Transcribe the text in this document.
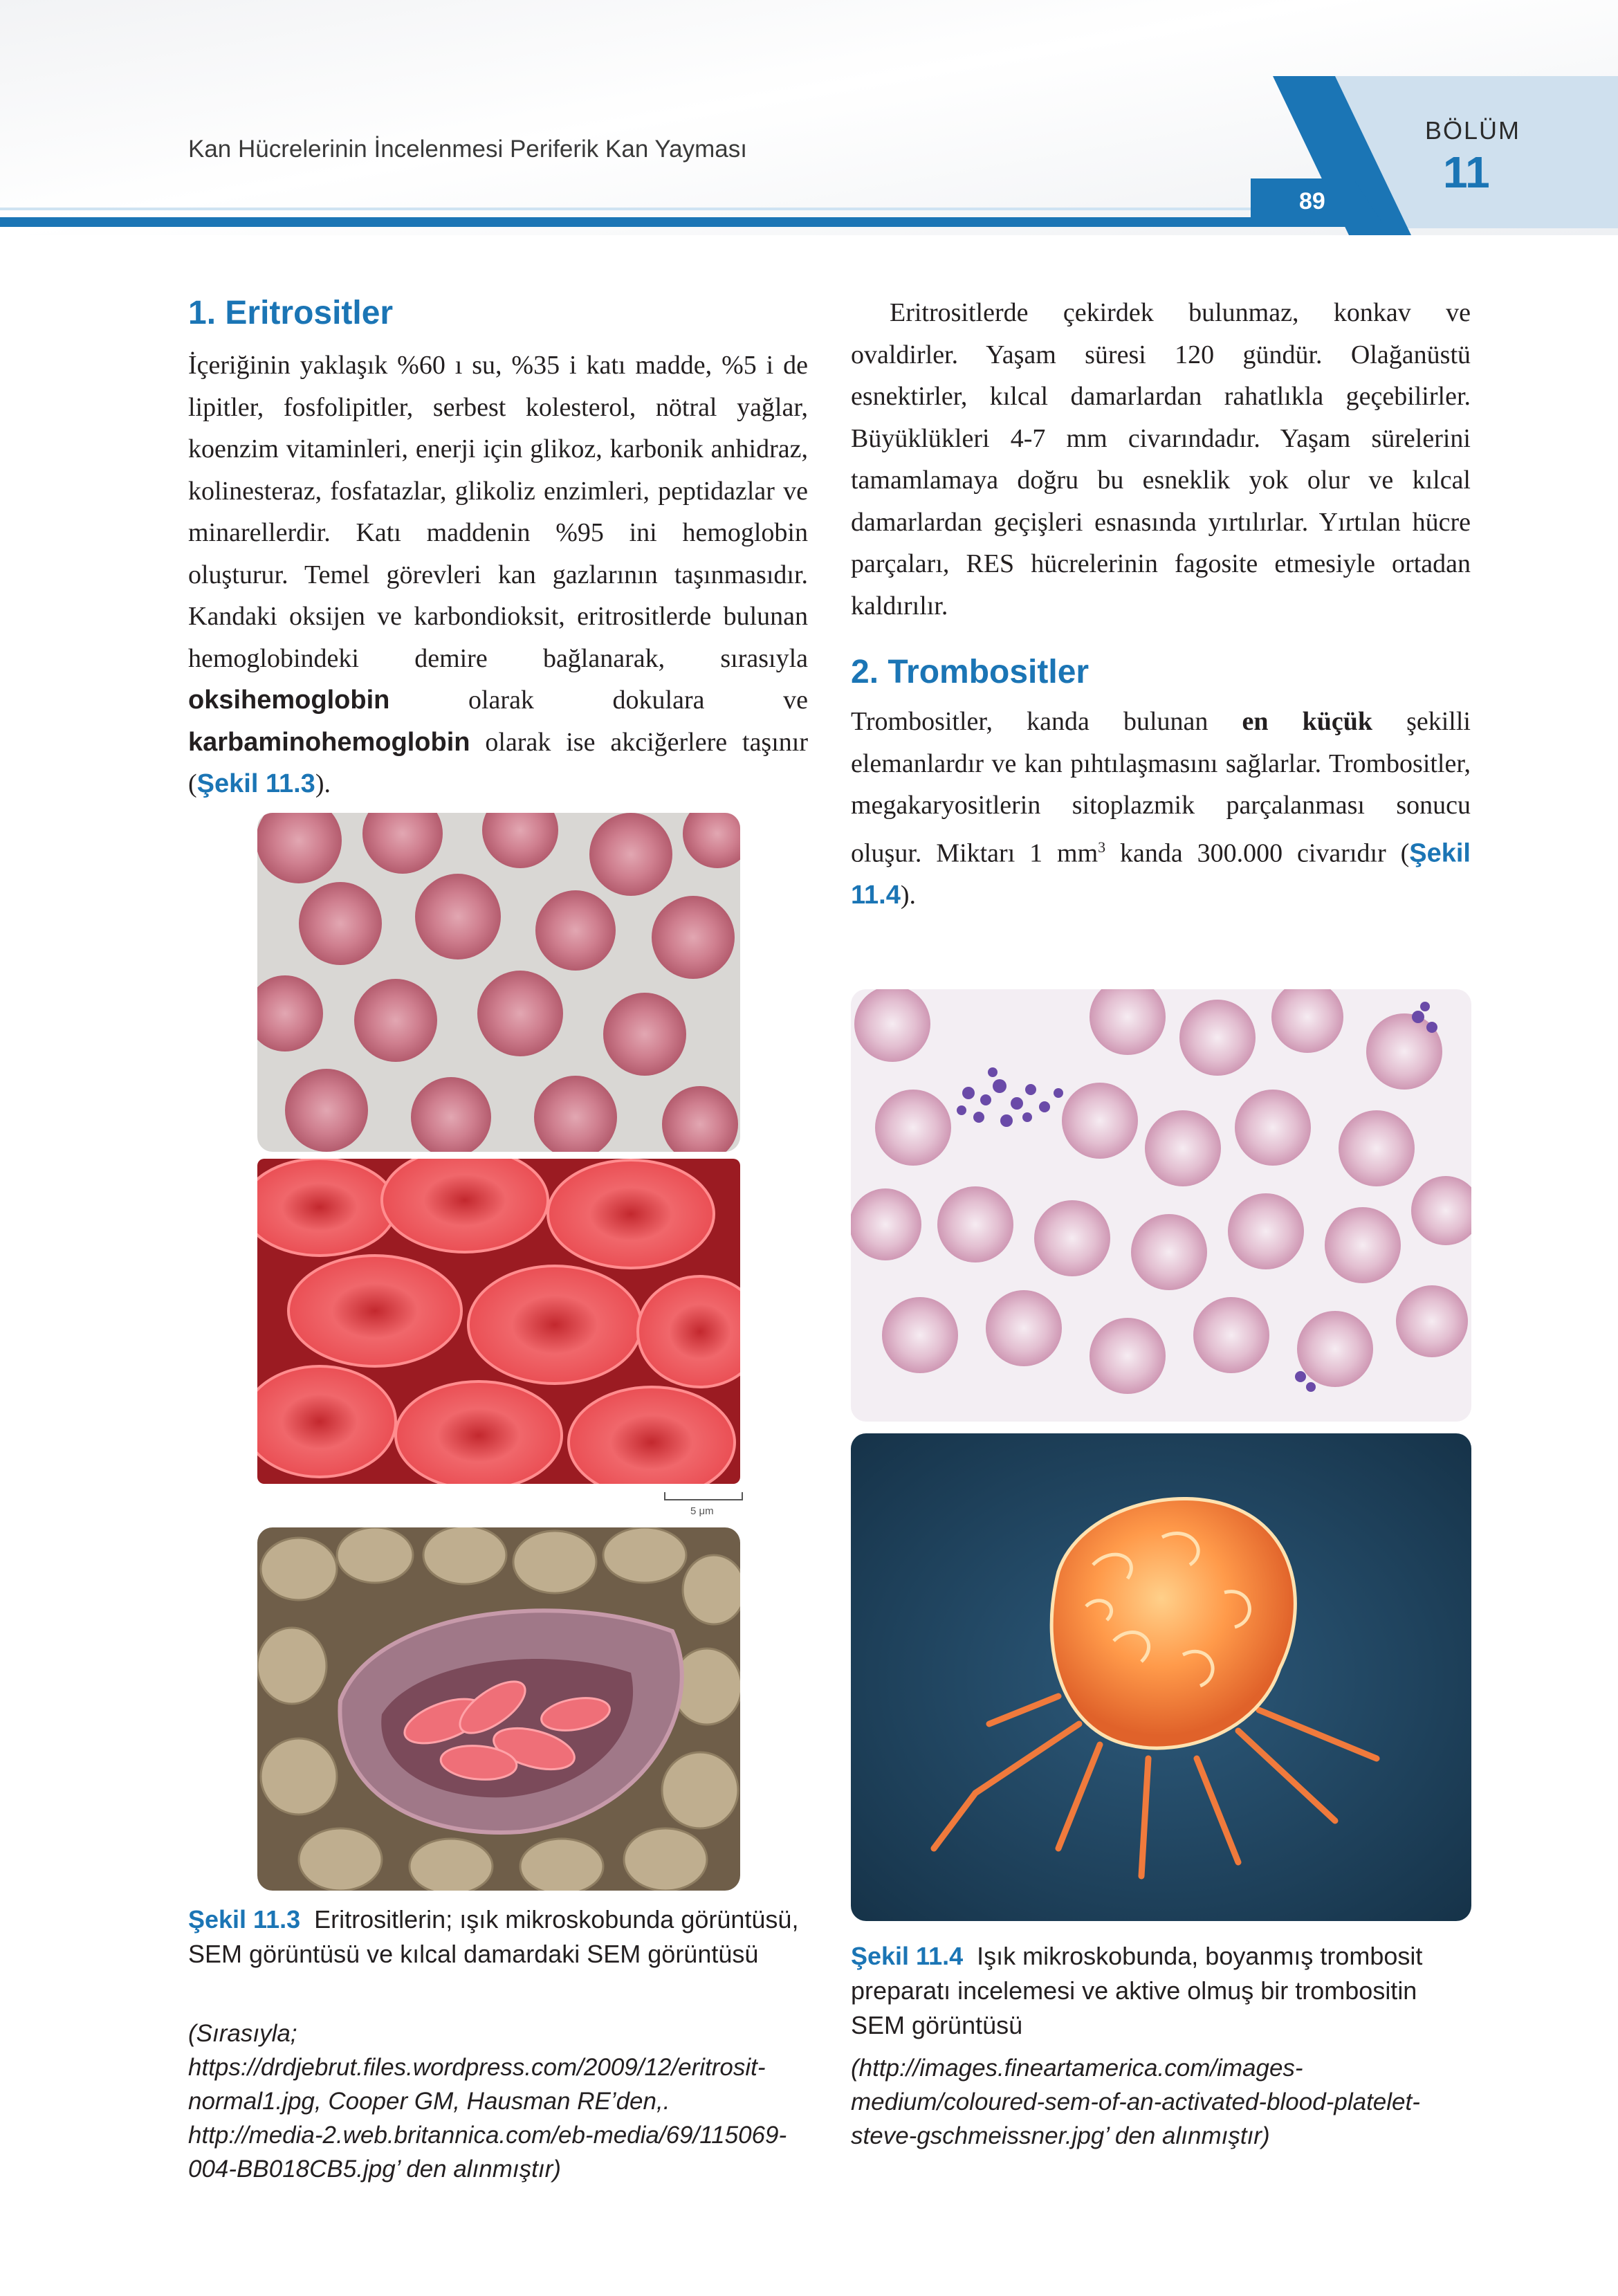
Kan Hücrelerinin İncelenmesi Periferik Kan Yayması
BÖLÜM
11
89
1. Eritrositler

İçeriğinin yaklaşık %60 ı su, %35 i katı madde, %5 i de lipitler, fosfolipitler, serbest kolesterol, nötral yağlar, koenzim vitaminleri, enerji için glikoz, karbonik anhidraz, kolinesteraz, fosfatazlar, glikoliz enzimleri, peptidazlar ve minarellerdir. Katı maddenin %95 ini hemoglobin oluşturur. Temel görevleri kan gazlarının taşınmasıdır. Kandaki oksijen ve karbondioksit, eritrositlerde bulunan hemoglobindeki demire bağlanarak, sırasıyla oksihemoglobin olarak dokulara ve karbaminohemoglobin olarak ise akciğerlere taşınır (Şekil 11.3).

Eritrositlerde çekirdek bulunmaz, konkav ve ovaldirler. Yaşam süresi 120 gündür. Olağanüstü esnektirler, kılcal damarlardan rahatlıkla geçebilirler. Büyüklükleri 4-7 mm civarındadır. Yaşam sürelerini tamamlamaya doğru bu esneklik yok olur ve kılcal damarlardan geçişleri esnasında yırtılırlar. Yırtılan hücre parçaları, RES hücrelerinin fagosite etmesiyle ortadan kaldırılır.

2. Trombositler

Trombositler, kanda bulunan en küçük şekilli elemanlardır ve kan pıhtılaşmasını sağlarlar. Trombositler, megakaryositlerin sitoplazmik parçalanması sonucu oluşur. Miktarı 1 $mm^3$ kanda 300.000 civarıdır (Şekil 11.4).

5 μm
Şekil 11.3 Eritrositlerin; ışık mikroskobunda görüntüsü, SEM görüntüsü ve kılcal damardaki SEM görüntüsü
(Sırasıyla; https://drdjebrut.files.wordpress.com/2009/12/eritrosit-normal1.jpg, Cooper GM, Hausman RE’den,. http://media-2.web.britannica.com/eb-media/69/115069-004-BB018CB5.jpg’ den alınmıştır)
Şekil 11.4 Işık mikroskobunda, boyanmış trombosit preparatı incelemesi ve aktive olmuş bir trombositin SEM görüntüsü
(http://images.fineartamerica.com/images-medium/coloured-sem-of-an-activated-blood-platelet-steve-gschmeissner.jpg’ den alınmıştır)
